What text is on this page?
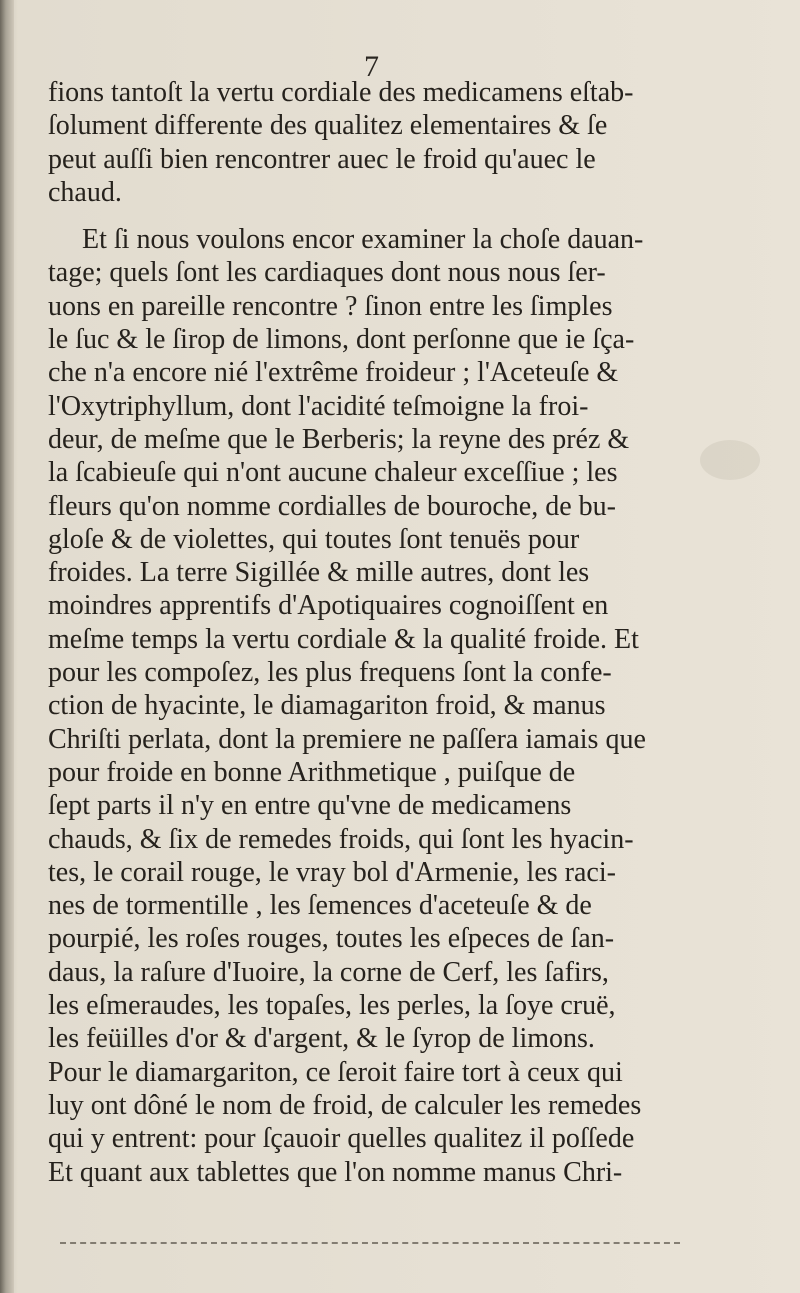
7
fions tantoſt la vertu cordiale des medicamens eſtab-
ſolument differente des qualitez elementaires & ſe
peut auſſi bien rencontrer auec le froid qu'auec le
chaud.
Et ſi nous voulons encor examiner la choſe dauan-
tage; quels ſont les cardiaques dont nous nous ſer-
uons en pareille rencontre ? ſinon entre les ſimples
le ſuc & le ſirop de limons, dont perſonne que ie ſça-
che n'a encore nié l'extrême froideur ; l'Aceteuſe &
l'Oxytriphyllum, dont l'acidité teſmoigne la froi-
deur, de meſme que le Berberis; la reyne des préz &
la ſcabieuſe qui n'ont aucune chaleur exceſſiue ; les
fleurs qu'on nomme cordialles de bouroche, de bu-
gloſe & de violettes, qui toutes ſont tenuës pour
froides. La terre Sigillée & mille autres, dont les
moindres apprentifs d'Apotiquaires cognoiſſent en
meſme temps la vertu cordiale & la qualité froide. Et
pour les compoſez, les plus frequens ſont la confe-
ction de hyacinte, le diamagariton froid, & manus
Chriſti perlata, dont la premiere ne paſſera iamais que
pour froide en bonne Arithmetique , puiſque de
ſept parts il n'y en entre qu'vne de medicamens
chauds, & ſix de remedes froids, qui ſont les hyacin-
tes, le corail rouge, le vray bol d'Armenie, les raci-
nes de tormentille , les ſemences d'aceteuſe & de
pourpié, les roſes rouges, toutes les eſpeces de ſan-
daus, la raſure d'Iuoire, la corne de Cerf, les ſafirs,
les eſmeraudes, les topaſes, les perles, la ſoye cruë,
les feüilles d'or & d'argent, & le ſyrop de limons.
Pour le diamargariton, ce ſeroit faire tort à ceux qui
luy ont dôné le nom de froid, de calculer les remedes
qui y entrent: pour ſçauoir quelles qualitez il poſſede
Et quant aux tablettes que l'on nomme manus Chri-
